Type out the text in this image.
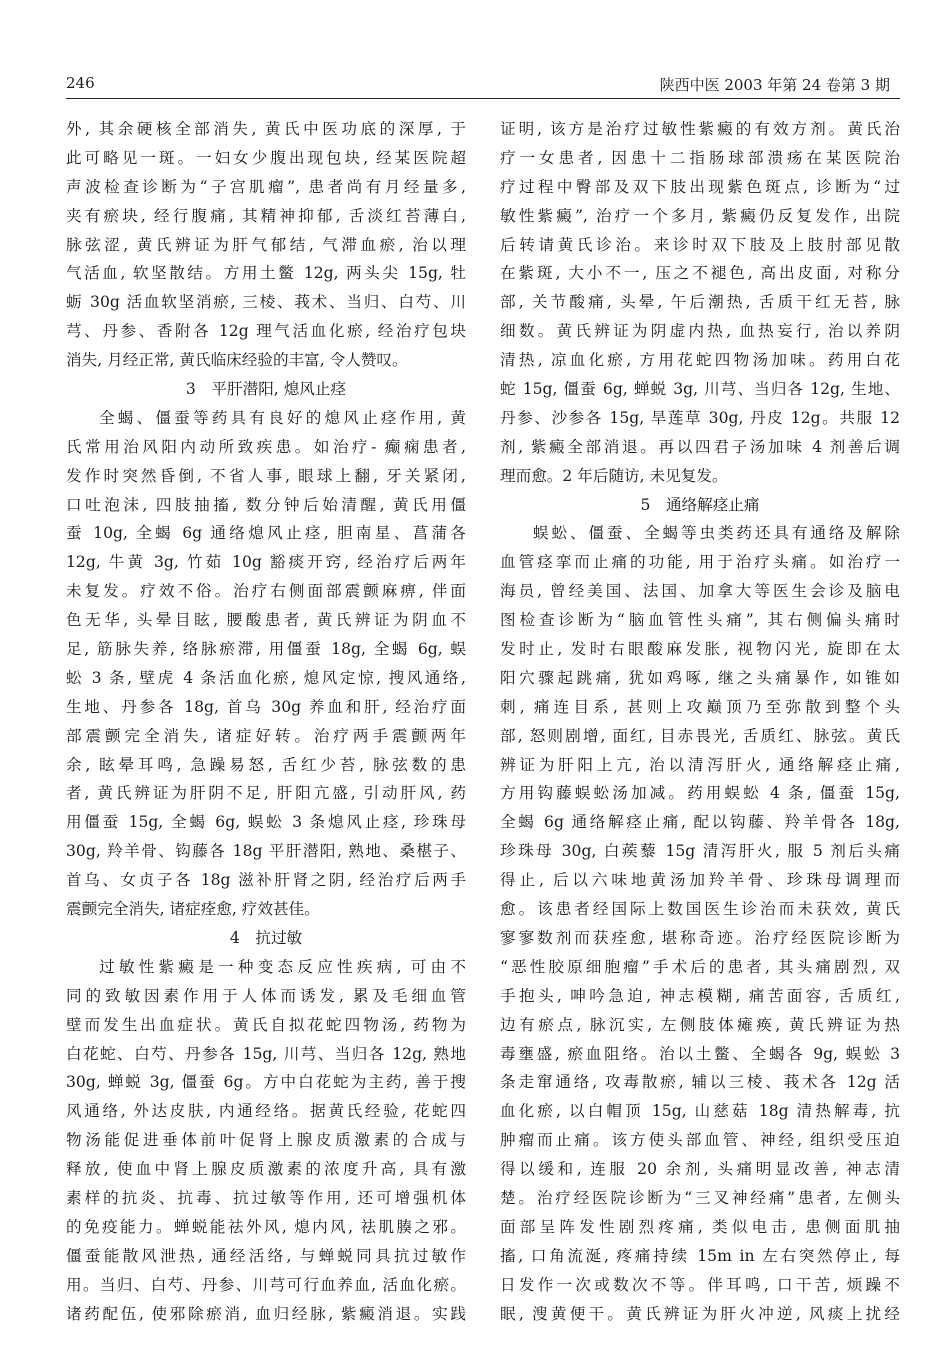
246	陕西中医 2003 年第 24 卷第 3 期
外, 其余硬核全部消失, 黄氏中医功底的深厚, 于
此可略见一斑。一妇女少腹出现包块, 经某医院超
声波检查诊断为“子宫肌瘤”, 患者尚有月经量多,
夹有瘀块, 经行腹痛, 其精神抑郁, 舌淡红苔薄白,
脉弦涩, 黄氏辨证为肝气郁结, 气滞血瘀, 治以理
气活血, 软坚散结。方用土鳖 12g, 两头尖 15g, 牡
蛎 30g 活血软坚消瘀, 三棱、莪术、当归、白芍、川
芎、丹参、香附各 12g 理气活血化瘀, 经治疗包块
消失, 月经正常, 黄氏临床经验的丰富, 令人赞叹。
3　平肝潜阳, 熄风止痉
全蝎、僵蚕等药具有良好的熄风止痉作用, 黄
氏常用治风阳内动所致疾患。如治疗- 癫痫患者,
发作时突然昏倒, 不省人事, 眼球上翻, 牙关紧闭,
口吐泡沫, 四肢抽搐, 数分钟后始清醒, 黄氏用僵
蚕 10g, 全蝎 6g 通络熄风止痉, 胆南星、菖蒲各
12g, 牛黄 3g, 竹茹 10g 豁痰开窍, 经治疗后两年
未复发。疗效不俗。治疗右侧面部震颤麻痹, 伴面
色无华, 头晕目眩, 腰酸患者, 黄氏辨证为阴血不
足, 筋脉失养, 络脉瘀滞, 用僵蚕 18g, 全蝎 6g, 蜈
蚣 3 条, 壁虎 4 条活血化瘀, 熄风定惊, 搜风通络,
生地、丹参各 18g, 首乌 30g 养血和肝, 经治疗面
部震颤完全消失, 诸症好转。治疗两手震颤两年
余, 眩晕耳鸣, 急躁易怒, 舌红少苔, 脉弦数的患
者, 黄氏辨证为肝阴不足, 肝阳亢盛, 引动肝风, 药
用僵蚕 15g, 全蝎 6g, 蜈蚣 3 条熄风止痉, 珍珠母
30g, 羚羊骨、钩藤各 18g 平肝潜阳, 熟地、桑椹子、
首乌、女贞子各 18g 滋补肝肾之阴, 经治疗后两手
震颤完全消失, 诸症痊愈, 疗效甚佳。
4　抗过敏
过敏性紫癜是一种变态反应性疾病, 可由不
同的致敏因素作用于人体而诱发, 累及毛细血管
壁而发生出血症状。黄氏自拟花蛇四物汤, 药物为
白花蛇、白芍、丹参各 15g, 川芎、当归各 12g, 熟地
30g, 蝉蜕 3g, 僵蚕 6g。方中白花蛇为主药, 善于搜
风通络, 外达皮肤, 内通经络。据黄氏经验, 花蛇四
物汤能促进垂体前叶促肾上腺皮质激素的合成与
释放, 使血中肾上腺皮质激素的浓度升高, 具有激
素样的抗炎、抗毒、抗过敏等作用, 还可增强机体
的免疫能力。蝉蜕能祛外风, 熄内风, 祛肌腠之邪。
僵蚕能散风泄热, 通经活络, 与蝉蜕同具抗过敏作
用。当归、白芍、丹参、川芎可行血养血, 活血化瘀。
诸药配伍, 使邪除瘀消, 血归经脉, 紫癜消退。实践
证明, 该方是治疗过敏性紫癜的有效方剂。黄氏治
疗一女患者, 因患十二指肠球部溃疡在某医院治
疗过程中臀部及双下肢出现紫色斑点, 诊断为“过
敏性紫癜”, 治疗一个多月, 紫癜仍反复发作, 出院
后转请黄氏诊治。来诊时双下肢及上肢肘部见散
在紫斑, 大小不一, 压之不褪色, 高出皮面, 对称分
部, 关节酸痛, 头晕, 午后潮热, 舌质干红无苔, 脉
细数。黄氏辨证为阴虚内热, 血热妄行, 治以养阴
清热, 凉血化瘀, 方用花蛇四物汤加味。药用白花
蛇 15g, 僵蚕 6g, 蝉蜕 3g, 川芎、当归各 12g, 生地、
丹参、沙参各 15g, 旱莲草 30g, 丹皮 12g。共服 12
剂, 紫癜全部消退。再以四君子汤加味 4 剂善后调
理而愈。2 年后随访, 未见复发。
5　通络解痉止痛
蜈蚣、僵蚕、全蝎等虫类药还具有通络及解除
血管痉挛而止痛的功能, 用于治疗头痛。如治疗一
海员, 曾经美国、法国、加拿大等医生会诊及脑电
图检查诊断为“脑血管性头痛”, 其右侧偏头痛时
发时止, 发时右眼酸麻发胀, 视物闪光, 旋即在太
阳穴骤起跳痛, 犹如鸡啄, 继之头痛暴作, 如锥如
刺, 痛连目系, 甚则上攻巅顶乃至弥散到整个头
部, 怒则剧增, 面红, 目赤畏光, 舌质红、脉弦。黄氏
辨证为肝阳上亢, 治以清泻肝火, 通络解痉止痛,
方用钩藤蜈蚣汤加减。药用蜈蚣 4 条, 僵蚕 15g,
全蝎 6g 通络解痉止痛, 配以钩藤、羚羊骨各 18g,
珍珠母 30g, 白蒺藜 15g 清泻肝火, 服 5 剂后头痛
得止, 后以六味地黄汤加羚羊骨、珍珠母调理而
愈。该患者经国际上数国医生诊治而未获效, 黄氏
寥寥数剂而获痊愈, 堪称奇迹。治疗经医院诊断为
“恶性胶原细胞瘤”手术后的患者, 其头痛剧烈, 双
手抱头, 呻吟急迫, 神志模糊, 痛苦面容, 舌质红,
边有瘀点, 脉沉实, 左侧肢体瘫痪, 黄氏辨证为热
毒壅盛, 瘀血阻络。治以土鳖、全蝎各 9g, 蜈蚣 3
条走窜通络, 攻毒散瘀, 辅以三棱、莪术各 12g 活
血化瘀, 以白帽顶 15g, 山慈菇 18g 清热解毒, 抗
肿瘤而止痛。该方使头部血管、神经, 组织受压迫
得以缓和, 连服 20 余剂, 头痛明显改善, 神志清
楚。治疗经医院诊断为“三叉神经痛”患者, 左侧头
面部呈阵发性剧烈疼痛, 类似电击, 患侧面肌抽
搐, 口角流涎, 疼痛持续 15m in 左右突然停止, 每
日发作一次或数次不等。伴耳鸣, 口干苦, 烦躁不
眠, 溲黄便干。黄氏辨证为肝火冲逆, 风痰上扰经
